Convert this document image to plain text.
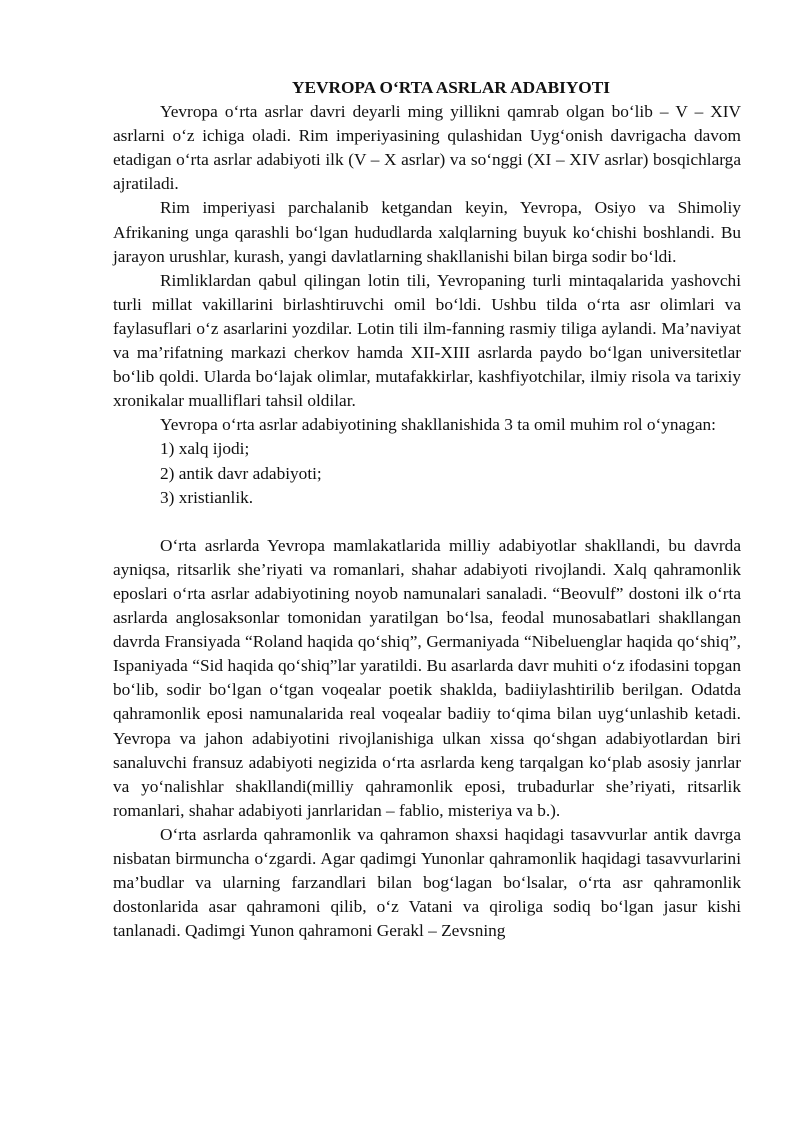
YEVROPA O‘RTA ASRLAR ADABIYOTI

Yevropa o‘rta asrlar davri deyarli ming yillikni qamrab olgan bo‘lib – V – XIV asrlarni o‘z ichiga oladi. Rim imperiyasining qulashidan Uyg‘onish davrigacha davom etadigan o‘rta asrlar adabiyoti ilk (V – X asrlar) va so‘nggi (XI – XIV asrlar) bosqichlarga ajratiladi.

Rim imperiyasi parchalanib ketgandan keyin, Yevropa, Osiyo va Shimoliy Afrikaning unga qarashli bo‘lgan hududlarda xalqlarning buyuk ko‘chishi boshlandi. Bu jarayon urushlar, kurash, yangi davlatlarning shakllanishi bilan birga sodir bo‘ldi.

Rimliklardan qabul qilingan lotin tili, Yevropaning turli mintaqalarida yashovchi turli millat vakillarini birlashtiruvchi omil bo‘ldi. Ushbu tilda o‘rta asr olimlari va faylasuflari o‘z asarlarini yozdilar. Lotin tili ilm-fanning rasmiy tiliga aylandi. Ma’naviyat va ma’rifatning markazi cherkov hamda XII-XIII asrlarda paydo bo‘lgan universitetlar bo‘lib qoldi. Ularda bo‘lajak olimlar, mutafakkirlar, kashfiyotchilar, ilmiy risola va tarixiy xronikalar mualliflari tahsil oldilar.

Yevropa o‘rta asrlar adabiyotining shakllanishida 3 ta omil muhim rol o‘ynagan:

1) xalq ijodi;
2) antik davr adabiyoti;
3) xristianlik.

O‘rta asrlarda Yevropa mamlakatlarida milliy adabiyotlar shakllandi, bu davrda ayniqsa, ritsarlik she’riyati va romanlari, shahar adabiyoti rivojlandi. Xalq qahramonlik eposlari o‘rta asrlar adabiyotining noyob namunalari sanaladi. “Beovulf” dostoni ilk o‘rta asrlarda anglosaksonlar tomonidan yaratilgan bo‘lsa, feodal munosabatlari shakllangan davrda Fransiyada “Roland haqida qo‘shiq”, Germaniyada “Nibeluenglar haqida qo‘shiq”, Ispaniyada “Sid haqida qo‘shiq”lar yaratildi. Bu asarlarda davr muhiti o‘z ifodasini topgan bo‘lib, sodir bo‘lgan o‘tgan voqealar poetik shaklda, badiiylashtirilib berilgan. Odatda qahramonlik eposi namunalarida real voqealar badiiy to‘qima bilan uyg‘unlashib ketadi. Yevropa va jahon adabiyotini rivojlanishiga ulkan xissa qo‘shgan adabiyotlardan biri sanaluvchi fransuz adabiyoti negizida o‘rta asrlarda keng tarqalgan ko‘plab asosiy janrlar va yo‘nalishlar shakllandi(milliy qahramonlik eposi, trubadurlar she’riyati, ritsarlik romanlari, shahar adabiyoti janrlaridan – fablio, misteriya va b.).

O‘rta asrlarda qahramonlik va qahramon shaxsi haqidagi tasavvurlar antik davrga nisbatan birmuncha o‘zgardi. Agar qadimgi Yunonlar qahramonlik haqidagi tasavvurlarini ma’budlar va ularning farzandlari bilan bog‘lagan bo‘lsalar, o‘rta asr qahramonlik dostonlarida asar qahramoni qilib, o‘z Vatani va qiroliga sodiq bo‘lgan jasur kishi tanlanadi. Qadimgi Yunon qahramoni Gerakl – Zevsning
